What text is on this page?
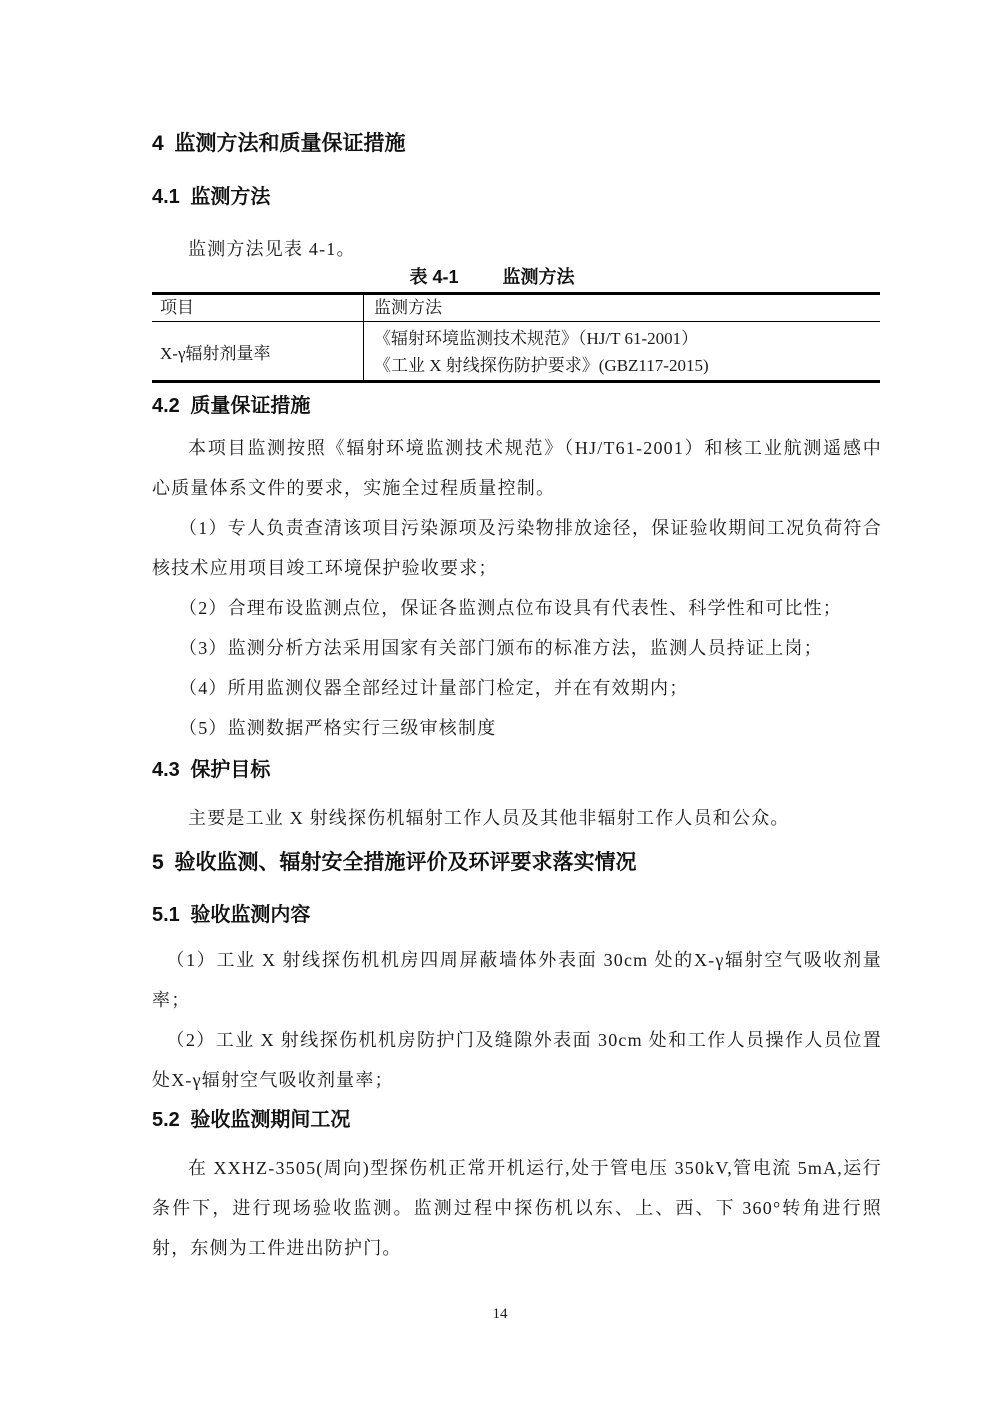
4 监测方法和质量保证措施
4.1 监测方法
监测方法见表 4-1。
表 4-1 监测方法
项目	监测方法
X-γ辐射剂量率
《辐射环境监测技术规范》（HJ/T 61-2001）
《工业 X 射线探伤防护要求》(GBZ117-2015)
4.2 质量保证措施
本项目监测按照《辐射环境监测技术规范》（HJ/T61-2001）和核工业航测遥感中心质量体系文件的要求，实施全过程质量控制。
（1）专人负责查清该项目污染源项及污染物排放途径，保证验收期间工况负荷符合核技术应用项目竣工环境保护验收要求；
（2）合理布设监测点位，保证各监测点位布设具有代表性、科学性和可比性；
（3）监测分析方法采用国家有关部门颁布的标准方法，监测人员持证上岗；
（4）所用监测仪器全部经过计量部门检定，并在有效期内；
（5）监测数据严格实行三级审核制度
4.3 保护目标
主要是工业 X 射线探伤机辐射工作人员及其他非辐射工作人员和公众。
5 验收监测、辐射安全措施评价及环评要求落实情况
5.1 验收监测内容
（1）工业 X 射线探伤机机房四周屏蔽墙体外表面 30cm 处的X-γ辐射空气吸收剂量率；
（2）工业 X 射线探伤机机房防护门及缝隙外表面 30cm 处和工作人员操作人员位置处X-γ辐射空气吸收剂量率；
5.2 验收监测期间工况
在 XXHZ-3505(周向)型探伤机正常开机运行,处于管电压 350kV,管电流 5mA,运行条件下，进行现场验收监测。监测过程中探伤机以东、上、西、下 360°转角进行照射，东侧为工件进出防护门。
14
